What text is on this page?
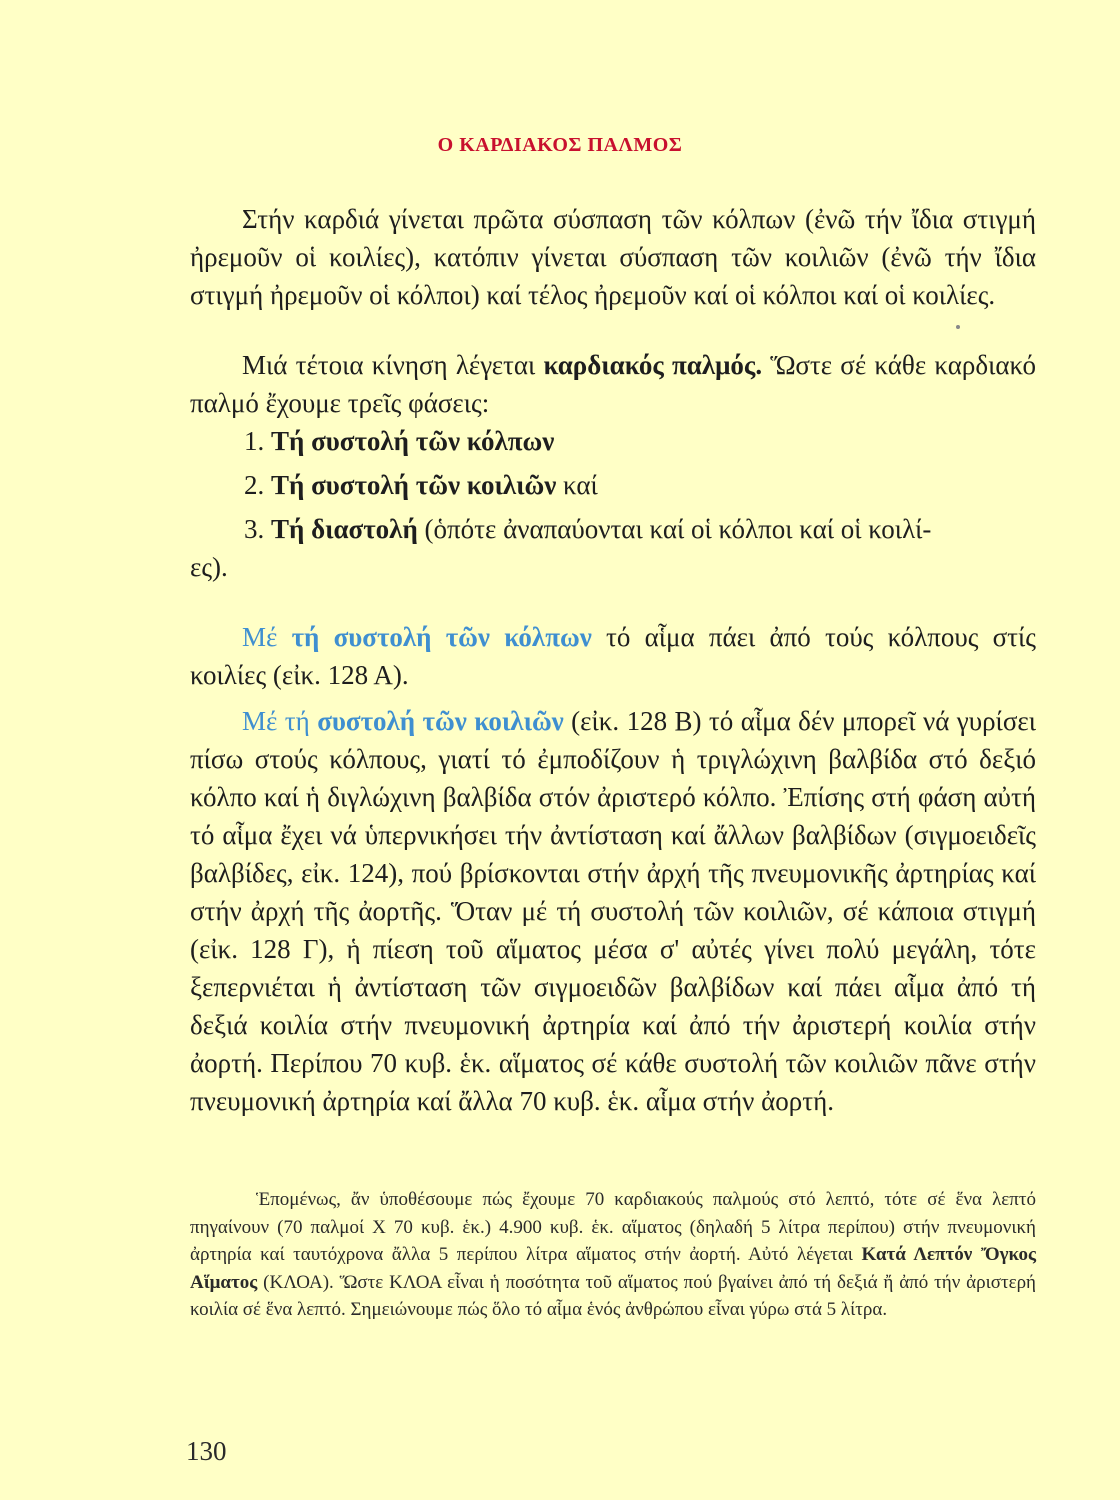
Ο ΚΑΡΔΙΑΚΟΣ ΠΑΛΜΟΣ

Στήν καρδιά γίνεται πρῶτα σύσπαση τῶν κόλπων (ἐνῶ τήν ἴδια στιγμή ἠρεμοῦν οἱ κοιλίες), κατόπιν γίνεται σύσπαση τῶν κοιλιῶν (ἐνῶ τήν ἴδια στιγμή ἠρεμοῦν οἱ κόλποι) καί τέλος ἠρεμοῦν καί οἱ κόλποι καί οἱ κοιλίες.

Μιά τέτοια κίνηση λέγεται καρδιακός παλμός. Ὥστε σέ κάθε καρδιακό παλμό ἔχουμε τρεῖς φάσεις:

1. Τή συστολή τῶν κόλπων

2. Τή συστολή τῶν κοιλιῶν καί

3. Τή διαστολή (ὁπότε ἀναπαύονται καί οἱ κόλποι καί οἱ κοιλί-

ες).

Μέ τή συστολή τῶν κόλπων τό αἷμα πάει ἀπό τούς κόλπους στίς κοιλίες (εἰκ. 128 Α).

Μέ τή συστολή τῶν κοιλιῶν (εἰκ. 128 Β) τό αἷμα δέν μπορεῖ νά γυρίσει πίσω στούς κόλπους, γιατί τό ἐμποδίζουν ἡ τριγλώχινη βαλβίδα στό δεξιό κόλπο καί ἡ διγλώχινη βαλβίδα στόν ἀριστερό κόλπο. Ἐπίσης στή φάση αὐτή τό αἷμα ἔχει νά ὑπερνικήσει τήν ἀντίσταση καί ἄλλων βαλβίδων (σιγμοειδεῖς βαλβίδες, εἰκ. 124), πού βρίσκονται στήν ἀρχή τῆς πνευμονικῆς ἀρτηρίας καί στήν ἀρχή τῆς ἀορτῆς. Ὅταν μέ τή συστολή τῶν κοιλιῶν, σέ κάποια στιγμή (εἰκ. 128 Γ), ἡ πίεση τοῦ αἵματος μέσα σ' αὐτές γίνει πολύ μεγάλη, τότε ξεπερνιέται ἡ ἀντίσταση τῶν σιγμοειδῶν βαλβίδων καί πάει αἷμα ἀπό τή δεξιά κοιλία στήν πνευμονική ἀρτηρία καί ἀπό τήν ἀριστερή κοιλία στήν ἀορτή. Περίπου 70 κυβ. ἑκ. αἵματος σέ κάθε συστολή τῶν κοιλιῶν πᾶνε στήν πνευμονική ἀρτηρία καί ἄλλα 70 κυβ. ἑκ. αἷμα στήν ἀορτή.

Ἑπομένως, ἄν ὑποθέσουμε πώς ἔχουμε 70 καρδιακούς παλμούς στό λεπτό, τότε σέ ἕνα λεπτό πηγαίνουν (70 παλμοί Χ 70 κυβ. ἑκ.) 4.900 κυβ. ἑκ. αἵματος (δηλαδή 5 λίτρα περίπου) στήν πνευμονική ἀρτηρία καί ταυτόχρονα ἄλλα 5 περίπου λίτρα αἵματος στήν ἀορτή. Αὐτό λέγεται Κατά Λεπτόν Ὄγκος Αἵματος (ΚΛΟΑ). Ὥστε ΚΛΟΑ εἶναι ἡ ποσότητα τοῦ αἵματος πού βγαίνει ἀπό τή δεξιά ἤ ἀπό τήν ἀριστερή κοιλία σέ ἕνα λεπτό. Σημειώνουμε πώς ὅλο τό αἷμα ἑνός ἀνθρώπου εἶναι γύρω στά 5 λίτρα.

130
